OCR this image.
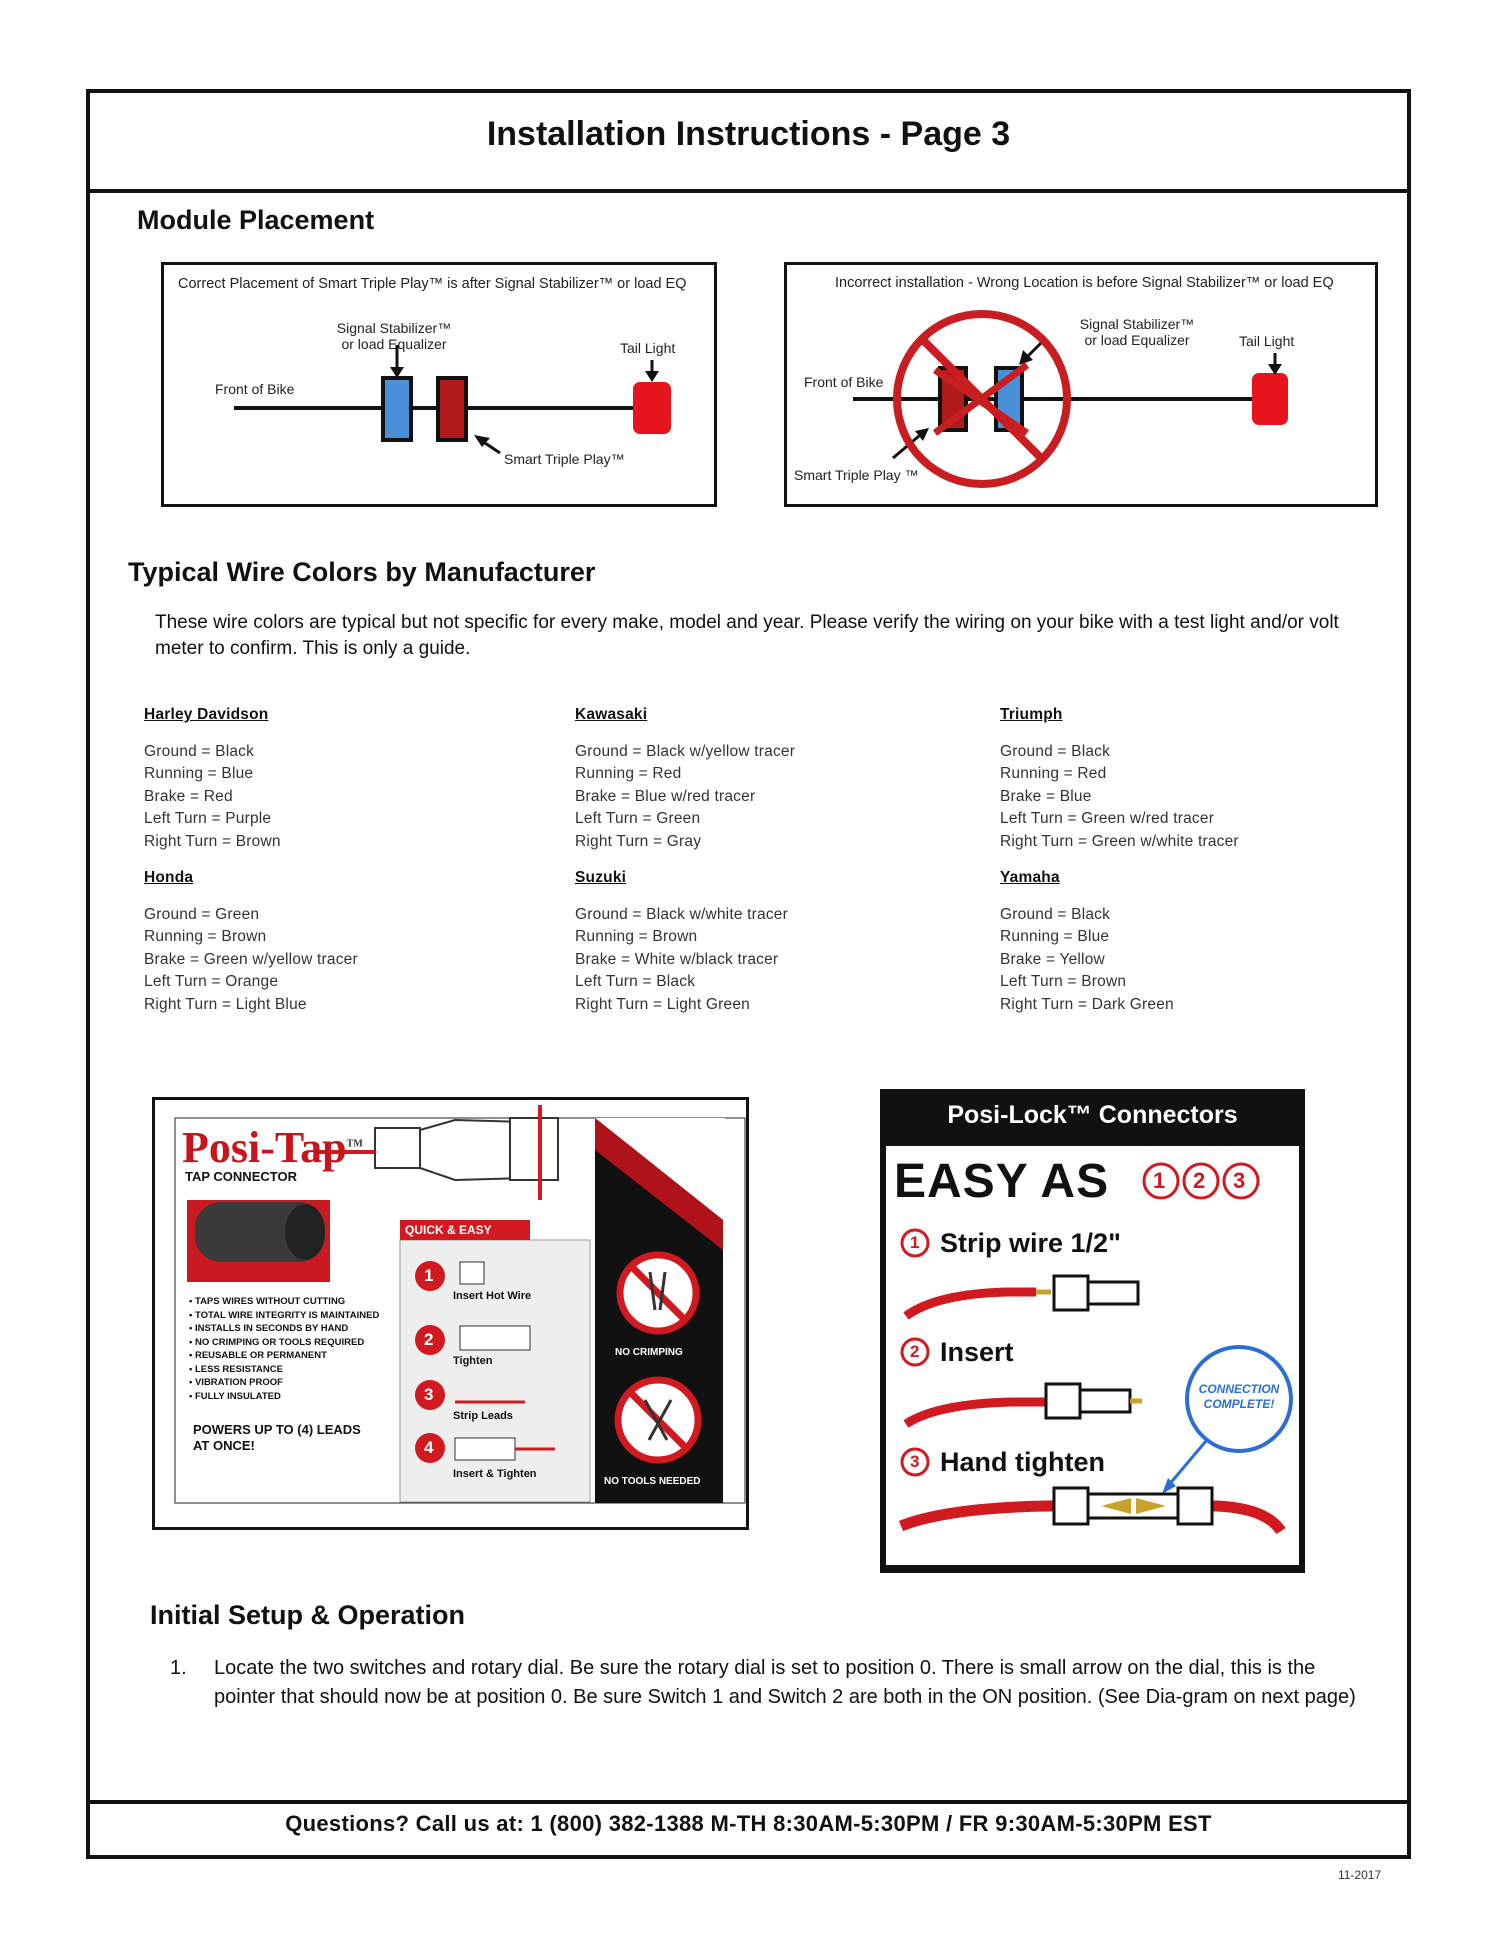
Installation Instructions - Page 3
Module Placement
Correct Placement of Smart Triple Play™ is after Signal Stabilizer™ or load EQ
Signal Stabilizer™
or load Equalizer	Tail Light
Front of Bike
Smart Triple Play™
Incorrect installation - Wrong Location is before Signal Stabilizer™ or load EQ
Signal Stabilizer™
or load Equalizer	Tail Light
Front of Bike
Smart Triple Play ™
Typical Wire Colors by Manufacturer
These wire colors are typical but not specific for every make, model and year. Please verify the wiring on your bike with a test light and/or volt meter to confirm. This is only a guide.
Harley Davidson
Ground = Black
Running = Blue
Brake = Red
Left Turn = Purple
Right Turn = Brown
Kawasaki
Ground = Black w/yellow tracer
Running = Red
Brake = Blue w/red tracer
Left Turn = Green
Right Turn = Gray
Triumph
Ground = Black
Running = Red
Brake = Blue
Left Turn = Green w/red tracer
Right Turn = Green w/white tracer
Honda
Ground = Green
Running = Brown
Brake = Green w/yellow tracer
Left Turn = Orange
Right Turn = Light Blue
Suzuki
Ground = Black w/white tracer
Running = Brown
Brake = White w/black tracer
Left Turn = Black
Right Turn = Light Green
Yamaha
Ground = Black
Running = Blue
Brake = Yellow
Left Turn = Brown
Right Turn = Dark Green
Posi-Tap™
TAP CONNECTOR
QUICK & EASY
1
2
3
4
Insert Hot Wire
Tighten
Strip Leads
Insert & Tighten
• TAPS WIRES WITHOUT CUTTING
• TOTAL WIRE INTEGRITY IS MAINTAINED
• INSTALLS IN SECONDS BY HAND
• NO CRIMPING OR TOOLS REQUIRED
• REUSABLE OR PERMANENT
• LESS RESISTANCE
• VIBRATION PROOF
• FULLY INSULATED
POWERS UP TO (4) LEADS
AT ONCE!
NO CRIMPING
NO TOOLS NEEDED
Posi-Lock™ Connectors
EASY AS 1 2 3
1
2
3
Strip wire 1/2"
Insert
Hand tighten
CONNECTION
COMPLETE!
Initial Setup & Operation
1. Locate the two switches and rotary dial. Be sure the rotary dial is set to position 0. There is small arrow on the dial, this is the pointer that should now be at position 0. Be sure Switch 1 and Switch 2 are both in the ON position. (See Dia-gram on next page)
Questions? Call us at: 1 (800) 382-1388 M-TH 8:30AM-5:30PM / FR 9:30AM-5:30PM EST
11-2017
